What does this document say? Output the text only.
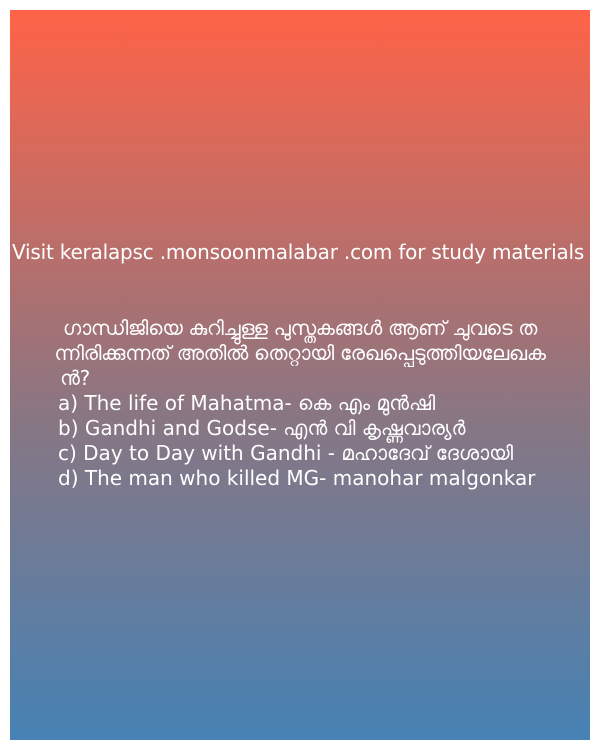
Visit keralapsc .monsoonmalabar .com for study materials
ഗാന്ധിജിയെ കുറിച്ചുള്ള പുസ്തകങ്ങൾ ആണ് ചുവടെ ത
ന്നിരിക്കുന്നത് അതിൽ തെറ്റായി രേഖപ്പെടുത്തിയലേഖക
ൻ?
a) The life of Mahatma- കെ എം മുൻഷി
b) Gandhi and Godse- എൻ വി കൃഷ്ണവാര്യർ
c) Day to Day with Gandhi - മഹാദേവ് ദേശായി
d) The man who killed MG- manohar malgonkar
